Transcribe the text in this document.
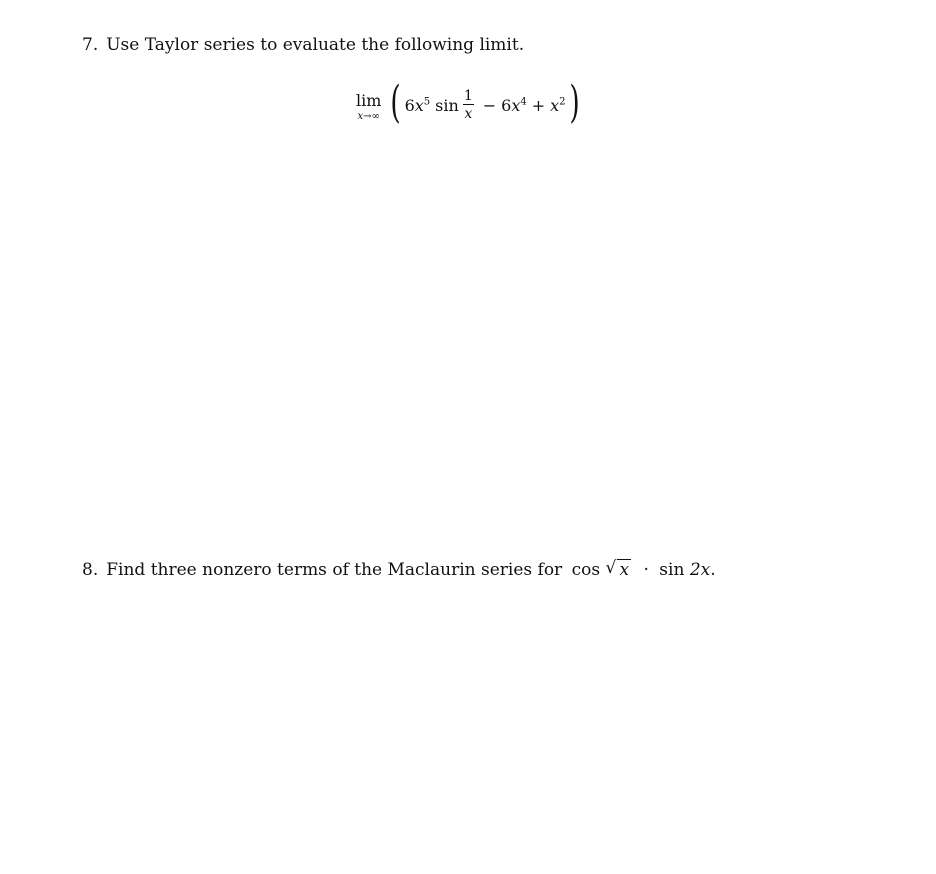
7. Use Taylor series to evaluate the following limit.
lim
x→∞ ( $6x^5$ $\sin \frac{1}{x} - 6x^4 + x^2$ )
8. Find three nonzero terms of the Maclaurin series for cos √ x · sin 2x.
